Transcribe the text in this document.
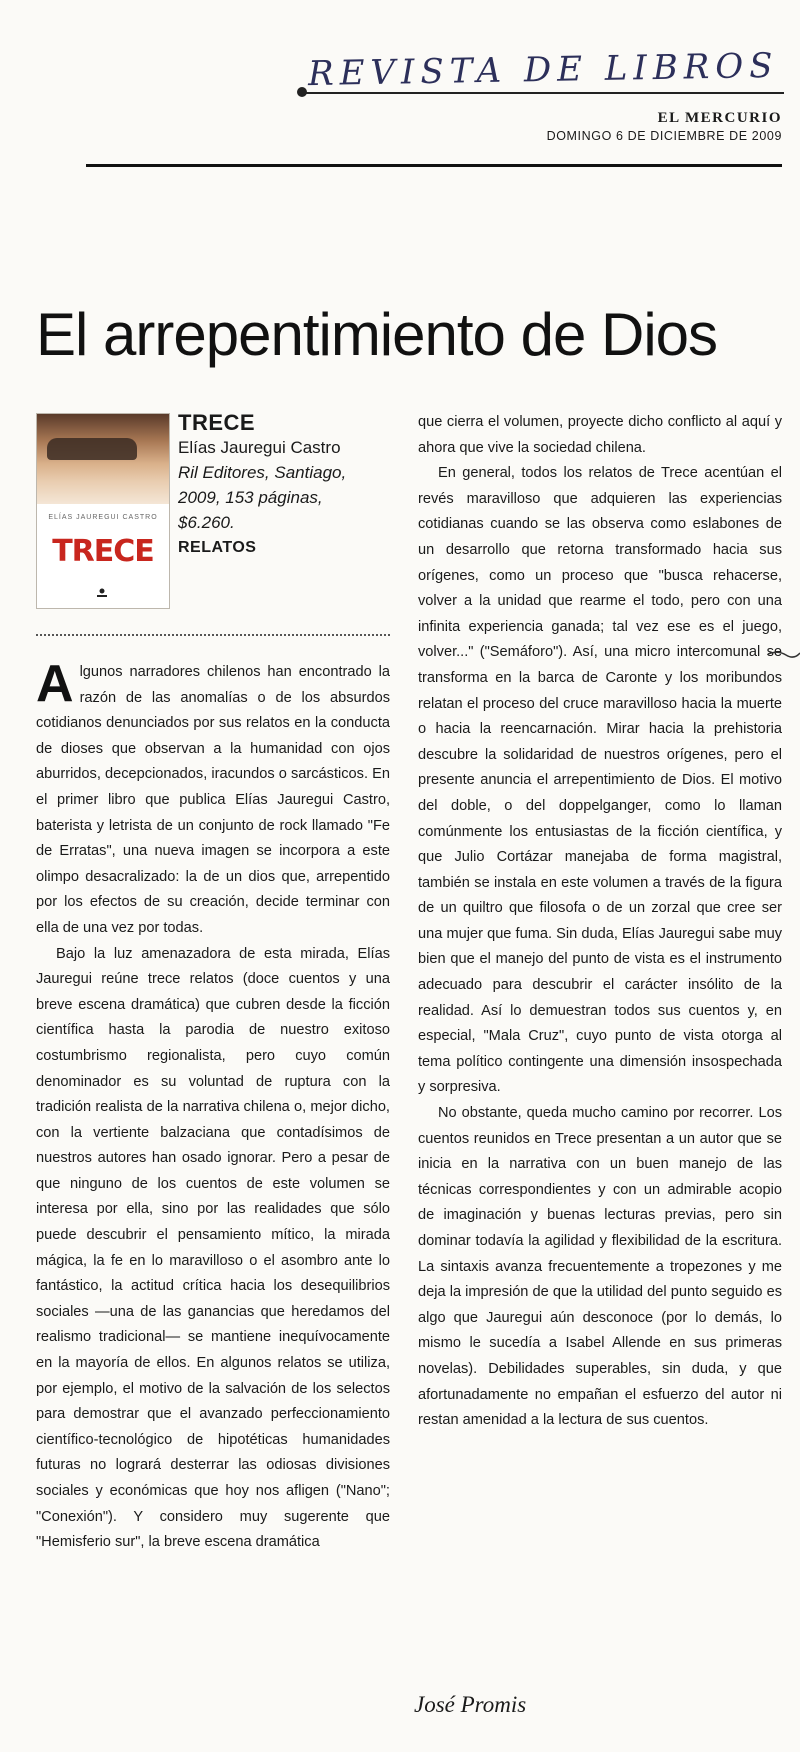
REVISTA DE LIBROS
EL MERCURIO
DOMINGO 6 DE DICIEMBRE DE 2009
El arrepentimiento de Dios
ELÍAS JAUREGUI CASTRO
TRECE
TRECE
Elías Jauregui Castro
Ril Editores, Santiago, 2009, 153 páginas, $6.260.
RELATOS

Algunos narradores chilenos han encontrado la razón de las anomalías o de los absurdos cotidianos denunciados por sus relatos en la conducta de dioses que observan a la humanidad con ojos aburridos, decepcionados, iracundos o sarcásticos. En el primer libro que publica Elías Jauregui Castro, baterista y letrista de un conjunto de rock llamado "Fe de Erratas", una nueva imagen se incorpora a este olimpo desacralizado: la de un dios que, arrepentido por los efectos de su creación, decide terminar con ella de una vez por todas.

Bajo la luz amenazadora de esta mirada, Elías Jauregui reúne trece relatos (doce cuentos y una breve escena dramática) que cubren desde la ficción científica hasta la parodia de nuestro exitoso costumbrismo regionalista, pero cuyo común denominador es su voluntad de ruptura con la tradición realista de la narrativa chilena o, mejor dicho, con la vertiente balzaciana que contadísimos de nuestros autores han osado ignorar. Pero a pesar de que ninguno de los cuentos de este volumen se interesa por ella, sino por las realidades que sólo puede descubrir el pensamiento mítico, la mirada mágica, la fe en lo maravilloso o el asombro ante lo fantástico, la actitud crítica hacia los desequilibrios sociales —una de las ganancias que heredamos del realismo tradicional— se mantiene inequívocamente en la mayoría de ellos. En algunos relatos se utiliza, por ejemplo, el motivo de la salvación de los selectos para demostrar que el avanzado perfeccionamiento científico-tecnológico de hipotéticas humanidades futuras no logrará desterrar las odiosas divisiones sociales y económicas que hoy nos afligen ("Nano"; "Conexión"). Y considero muy sugerente que "Hemisferio sur", la breve escena dramática

que cierra el volumen, proyecte dicho conflicto al aquí y ahora que vive la sociedad chilena.

En general, todos los relatos de Trece acentúan el revés maravilloso que adquieren las experiencias cotidianas cuando se las observa como eslabones de un desarrollo que retorna transformado hacia sus orígenes, como un proceso que "busca rehacerse, volver a la unidad que rearme el todo, pero con una infinita experiencia ganada; tal vez ese es el juego, volver..." ("Semáforo"). Así, una micro intercomunal se transforma en la barca de Caronte y los moribundos relatan el proceso del cruce maravilloso hacia la muerte o hacia la reencarnación. Mirar hacia la prehistoria descubre la solidaridad de nuestros orígenes, pero el presente anuncia el arrepentimiento de Dios. El motivo del doble, o del doppelganger, como lo llaman comúnmente los entusiastas de la ficción científica, y que Julio Cortázar manejaba de forma magistral, también se instala en este volumen a través de la figura de un quiltro que filosofa o de un zorzal que cree ser una mujer que fuma. Sin duda, Elías Jauregui sabe muy bien que el manejo del punto de vista es el instrumento adecuado para descubrir el carácter insólito de la realidad. Así lo demuestran todos sus cuentos y, en especial, "Mala Cruz", cuyo punto de vista otorga al tema político contingente una dimensión insospechada y sorpresiva.

No obstante, queda mucho camino por recorrer. Los cuentos reunidos en Trece presentan a un autor que se inicia en la narrativa con un buen manejo de las técnicas correspondientes y con un admirable acopio de imaginación y buenas lecturas previas, pero sin dominar todavía la agilidad y flexibilidad de la escritura. La sintaxis avanza frecuentemente a tropezones y me deja la impresión de que la utilidad del punto seguido es algo que Jauregui aún desconoce (por lo demás, lo mismo le sucedía a Isabel Allende en sus primeras novelas). Debilidades superables, sin duda, y que afortunadamente no empañan el esfuerzo del autor ni restan amenidad a la lectura de sus cuentos.

José Promis
